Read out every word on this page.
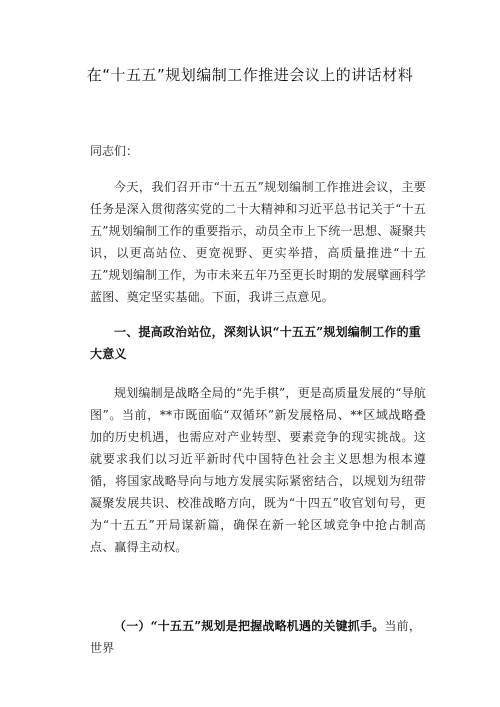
在“十五五”规划编制工作推进会议上的讲话材料
同志们：

今天，我们召开市“十五五”规划编制工作推进会议，主要任务是深入贯彻落实党的二十大精神和习近平总书记关于“十五五”规划编制工作的重要指示，动员全市上下统一思想、凝聚共识，以更高站位、更宽视野、更实举措，高质量推进“十五五”规划编制工作，为市未来五年乃至更长时期的发展擘画科学蓝图、奠定坚实基础。下面，我讲三点意见。

一、提高政治站位，深刻认识“十五五”规划编制工作的重大意义

规划编制是战略全局的“先手棋”，更是高质量发展的“导航图”。当前，**市既面临“双循环”新发展格局、**区域战略叠加的历史机遇，也需应对产业转型、要素竞争的现实挑战。这就要求我们以习近平新时代中国特色社会主义思想为根本遵循，将国家战略导向与地方发展实际紧密结合，以规划为纽带凝聚发展共识、校准战略方向，既为“十四五”收官划句号，更为“十五五”开局谋新篇，确保在新一轮区域竞争中抢占制高点、赢得主动权。

（一）“十五五”规划是把握战略机遇的关键抓手。当前，世界
